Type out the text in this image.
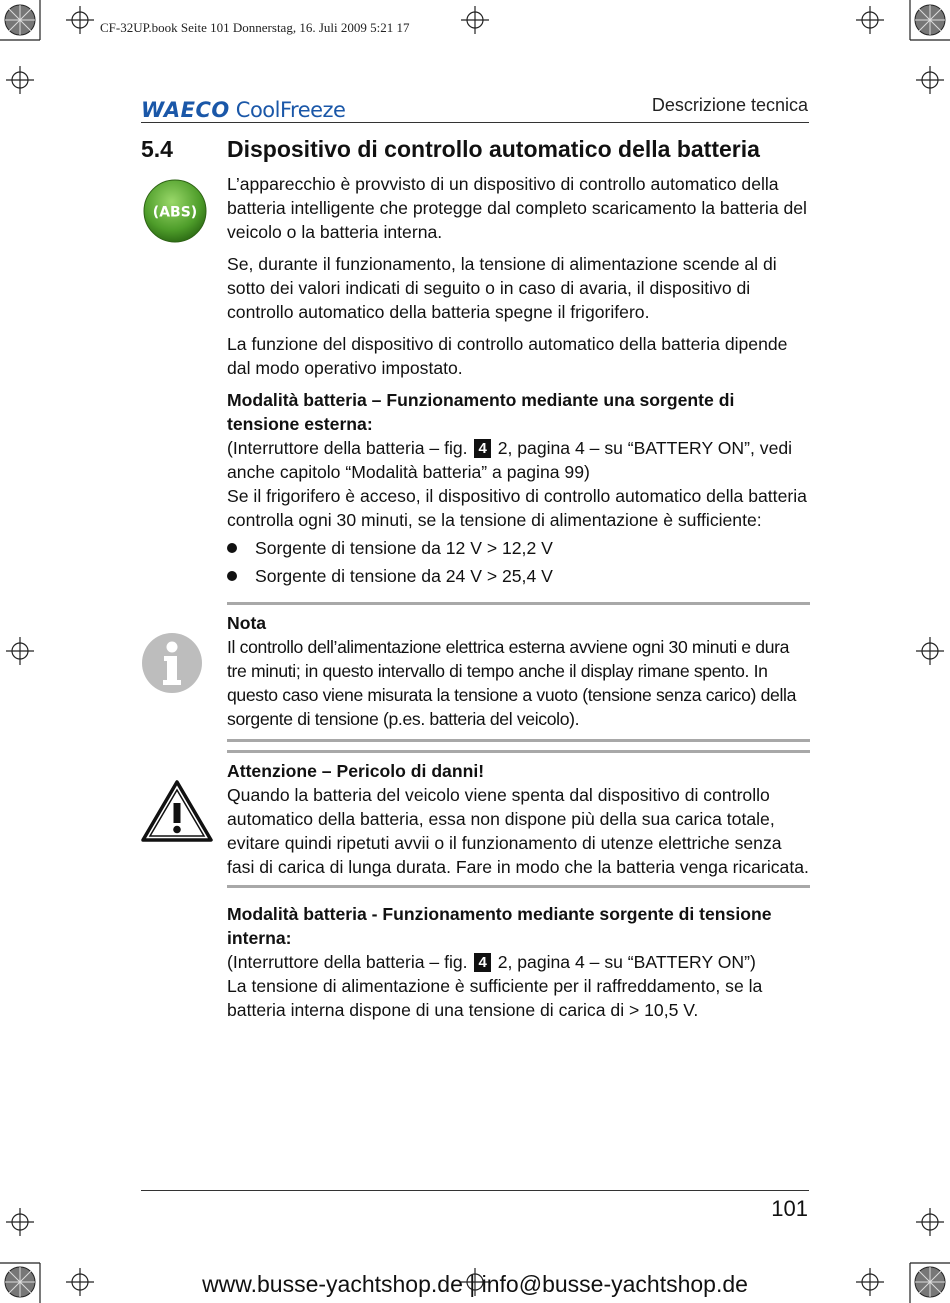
CF-32UP.book Seite 101 Donnerstag, 16. Juli 2009 5:21 17
WAECO CoolFreeze	Descrizione tecnica
5.4 Dispositivo di controllo automatico della batteria
(ABS)

L’apparecchio è provvisto di un dispositivo di controllo automatico della batteria intelligente che protegge dal completo scaricamento la batteria del veicolo o la batteria interna.

Se, durante il funzionamento, la tensione di alimentazione scende al di sotto dei valori indicati di seguito o in caso di avaria, il dispositivo di controllo automatico della batteria spegne il frigorifero.

La funzione del dispositivo di controllo automatico della batteria dipende dal modo operativo impostato.

Modalità batteria – Funzionamento mediante una sorgente di tensione esterna:
(Interruttore della batteria – fig. 4 2, pagina 4 – su “BATTERY ON”, vedi anche capitolo “Modalità batteria” a pagina 99)
Se il frigorifero è acceso, il dispositivo di controllo automatico della batteria controlla ogni 30 minuti, se la tensione di alimentazione è sufficiente:
Sorgente di tensione da 12 V > 12,2 V
Sorgente di tensione da 24 V > 25,4 V
Nota
Il controllo dell’alimentazione elettrica esterna avviene ogni 30 minuti e dura tre minuti; in questo intervallo di tempo anche il display rimane spento. In questo caso viene misurata la tensione a vuoto (tensione senza carico) della sorgente di tensione (p.es. batteria del veicolo).
Attenzione – Pericolo di danni!
Quando la batteria del veicolo viene spenta dal dispositivo di controllo automatico della batteria, essa non dispone più della sua carica totale, evitare quindi ripetuti avvii o il funzionamento di utenze elettriche senza fasi di carica di lunga durata. Fare in modo che la batteria venga ricaricata.
Modalità batteria - Funzionamento mediante sorgente di tensione interna:
(Interruttore della batteria – fig. 4 2, pagina 4 – su “BATTERY ON”)
La tensione di alimentazione è sufficiente per il raffreddamento, se la batteria interna dispone di una tensione di carica di > 10,5 V.
101
www.busse-yachtshop.de | info@busse-yachtshop.de
